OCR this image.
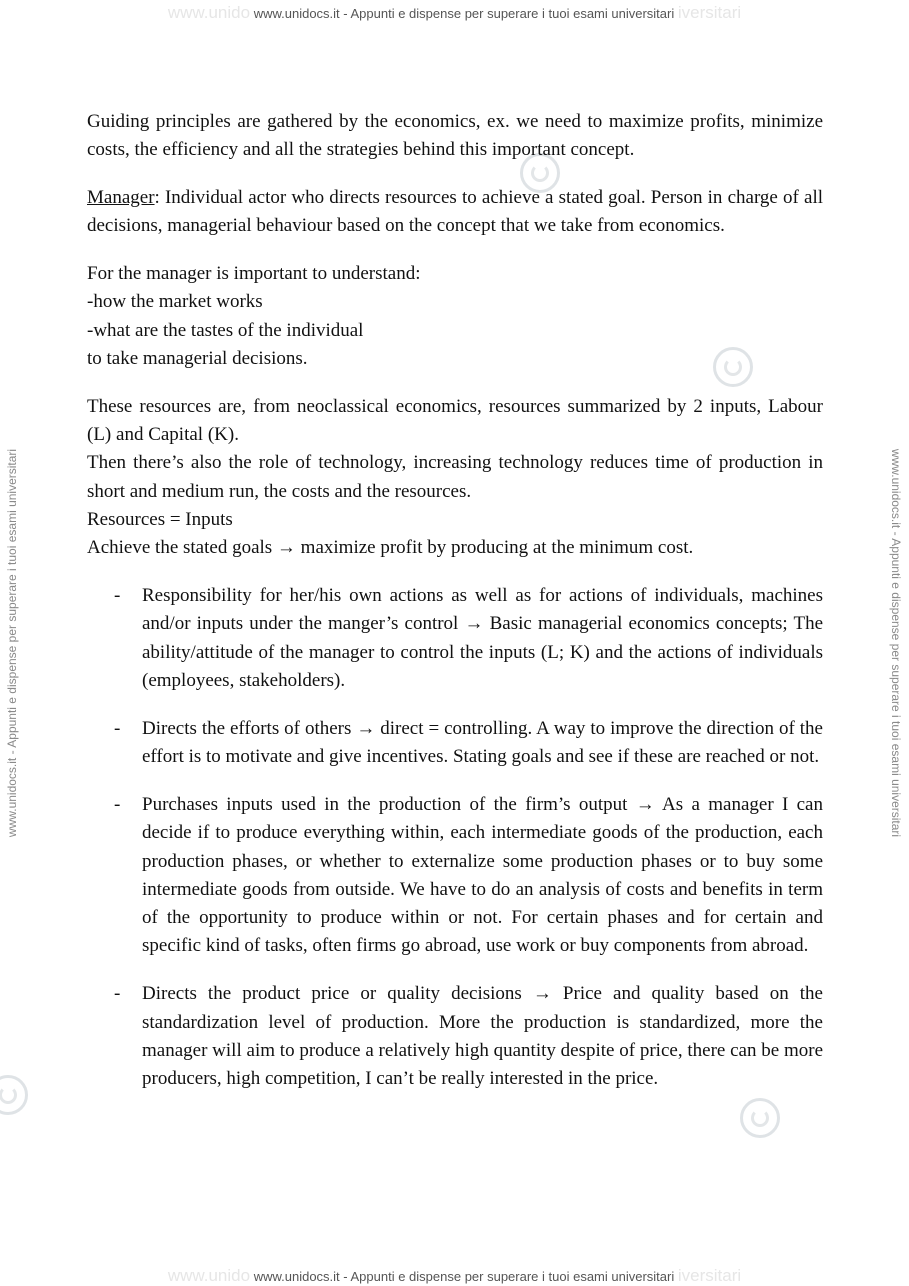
www.unido www.unidocs.it - Appunti e dispense per superare i tuoi esami universitari iversitari
www.unidocs.it - Appunti e dispense per superare i tuoi esami universitari	www.unidocs.it - Appunti e dispense per superare i tuoi esami universitari

Guiding principles are gathered by the economics, ex. we need to maximize profits, minimize costs, the efficiency and all the strategies behind this important concept.

Manager: Individual actor who directs resources to achieve a stated goal. Person in charge of all decisions, managerial behaviour based on the concept that we take from economics.

For the manager is important to understand:
-how the market works
-what are the tastes of the individual
to take managerial decisions.
These resources are, from neoclassical economics, resources summarized by 2 inputs, Labour (L) and Capital (K).
Then there’s also the role of technology, increasing technology reduces time of production in short and medium run, the costs and the resources.
Resources = Inputs
Achieve the stated goals → maximize profit by producing at the minimum cost.
- Responsibility for her/his own actions as well as for actions of individuals, machines and/or inputs under the manger’s control → Basic managerial economics concepts; The ability/attitude of the manager to control the inputs (L; K) and the actions of individuals (employees, stakeholders).
- Directs the efforts of others → direct = controlling. A way to improve the direction of the effort is to motivate and give incentives. Stating goals and see if these are reached or not.
- Purchases inputs used in the production of the firm’s output → As a manager I can decide if to produce everything within, each intermediate goods of the production, each production phases, or whether to externalize some production phases or to buy some intermediate goods from outside. We have to do an analysis of costs and benefits in term of the opportunity to produce within or not. For certain phases and for certain and specific kind of tasks, often firms go abroad, use work or buy components from abroad.
- Directs the product price or quality decisions → Price and quality based on the standardization level of production. More the production is standardized, more the manager will aim to produce a relatively high quantity despite of price, there can be more producers, high competition, I can’t be really interested in the price.
www.unido www.unidocs.it - Appunti e dispense per superare i tuoi esami universitari iversitari
